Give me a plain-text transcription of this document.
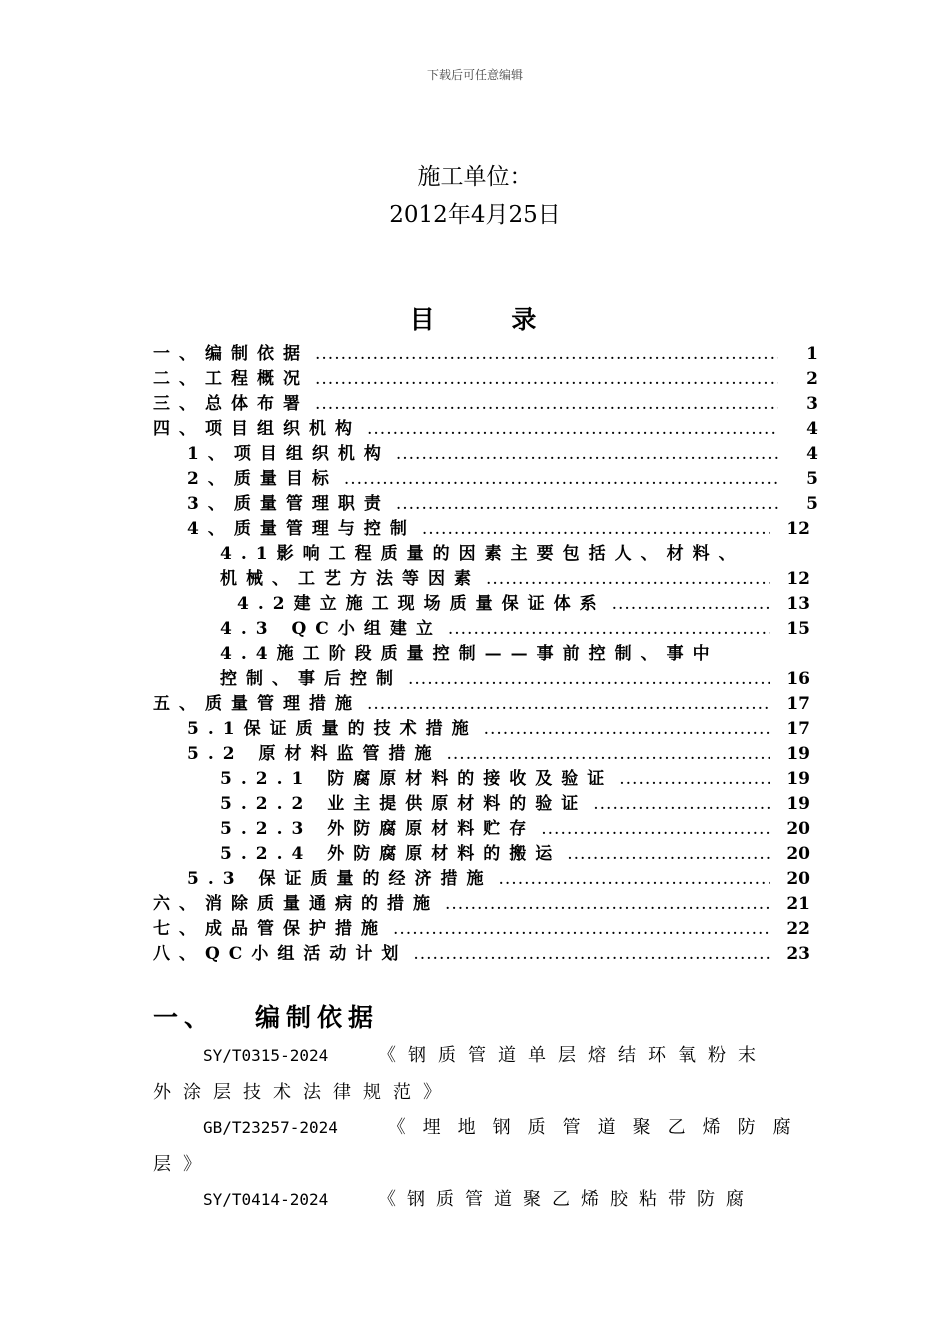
下载后可任意编辑
施工单位：
2012年4月25日
目 录
一、编制依据 .....	1
二、工程概况 .....	2
三、总体布署 .....	3
四、项目组织机构 .....	4
1、项目组织机构 .....	4
2、质量目标 .....	5
3、质量管理职责 .....	5
4、质量管理与控制 .....	12
4.1影响工程质量的因素主要包括人、材料、
机械、工艺方法等因素 .....	12
4.2建立施工现场质量保证体系 .....	13
4.3 QC小组建立 .....	15
4.4施工阶段质量控制——事前控制、事中
控制、事后控制 .....	16
五、质量管理措施 .....	17
5.1保证质量的技术措施 .....	17
5.2 原材料监管措施 .....	19
5.2.1 防腐原材料的接收及验证 .....	19
5.2.2 业主提供原材料的验证 .....	19
5.2.3 外防腐原材料贮存 .....	20
5.2.4 外防腐原材料的搬运 .....	20
5.3 保证质量的经济措施 .....	20
六、消除质量通病的措施 .....	21
七、成品管保护措施 .....	22
八、QC小组活动计划 .....	23
一、 编制依据
SY/T0315-2024	《钢质管道单层熔结环氧粉末
外涂层技术法律规范》
GB/T23257-2024	《埋地钢质管道聚乙烯防腐
层》
SY/T0414-2024	《钢质管道聚乙烯胶粘带防腐
